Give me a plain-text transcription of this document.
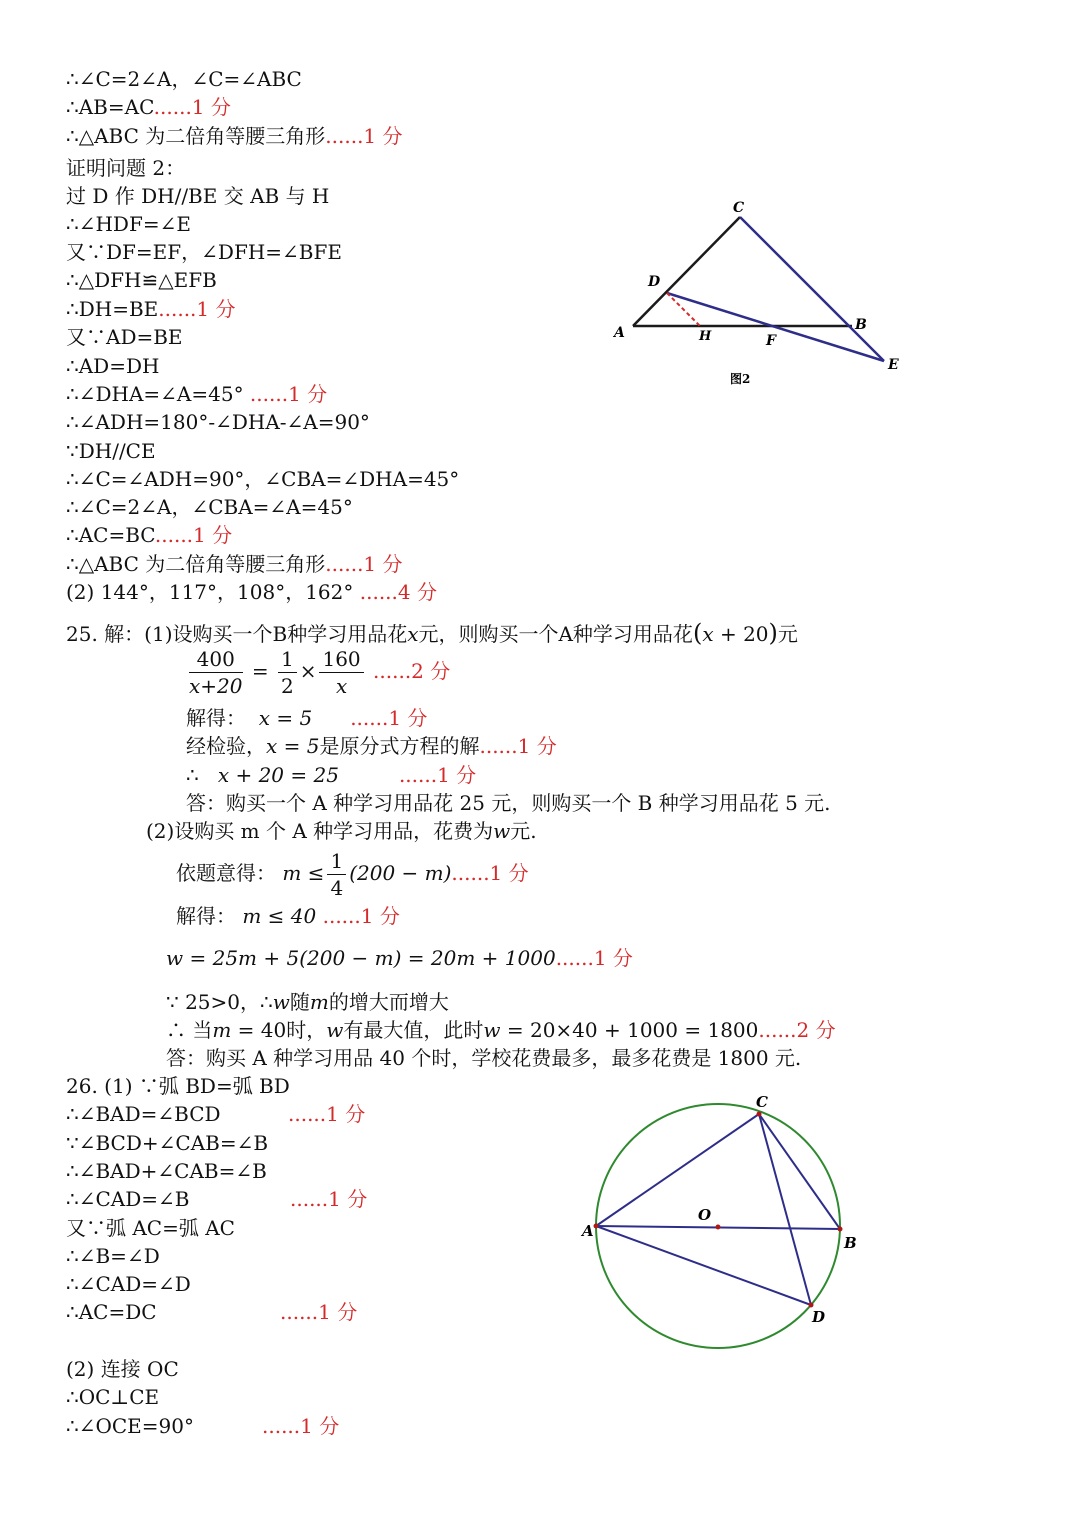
∴∠C=2∠A，∠C=∠ABC
∴AB=AC......1 分
∴△ABC 为二倍角等腰三角形......1 分
证明问题 2：
过 D 作 DH//BE 交 AB 与 H
∴∠HDF=∠E
又∵DF=EF，∠DFH=∠BFE
∴△DFH≌△EFB
∴DH=BE......1 分
又∵AD=BE
∴AD=DH
∴∠DHA=∠A=45° ......1 分
∴∠ADH=180°-∠DHA-∠A=90°
∵DH//CE
∴∠C=∠ADH=90°，∠CBA=∠DHA=45°
∴∠C=2∠A，∠CBA=∠A=45°
∴AC=BC......1 分
∴△ABC 为二倍角等腰三角形......1 分
(2) 144°，117°，108°，162° ......4 分
C
D
A	H	F
B
E
图2
25. 解：(1)设购买一个B种学习用品花x元，则购买一个A种学习用品花(x + 20)元
$\frac{400}{x+20} = \frac{1}{2} \times \frac{160}{x} ......2$ 分
解得： x = 5 ......1 分
经检验，x = 5是原分式方程的解......1 分
∴ x + 20 = 25	......1 分
答：购买一个 A 种学习用品花 25 元，则购买一个 B 种学习用品花 5 元.
(2)设购买 m 个 A 种学习用品，花费为w元.
依题意得： $m \le \frac{1}{4} (200 - m)......1$ 分
解得： m ≤ 40 ......1 分
w = 25m + 5(200 − m) = 20m + 1000......1 分
∵ 25>0，∴w随m的增大而增大
∴ 当m = 40时，w有最大值，此时w = 20×40 + 1000 = 1800......2 分
答：购买 A 种学习用品 40 个时，学校花费最多，最多花费是 1800 元.
26. (1) ∵弧 BD=弧 BD
∴∠BAD=∠BCD	......1 分
∵∠BCD+∠CAB=∠B
∴∠BAD+∠CAB=∠B
∴∠CAD=∠B	......1 分
又∵弧 AC=弧 AC
∴∠B=∠D
∴∠CAD=∠D
∴AC=DC	......1 分
(2) 连接 OC
∴OC⊥CE
∴∠OCE=90°	......1 分
C
O
A
B
D
